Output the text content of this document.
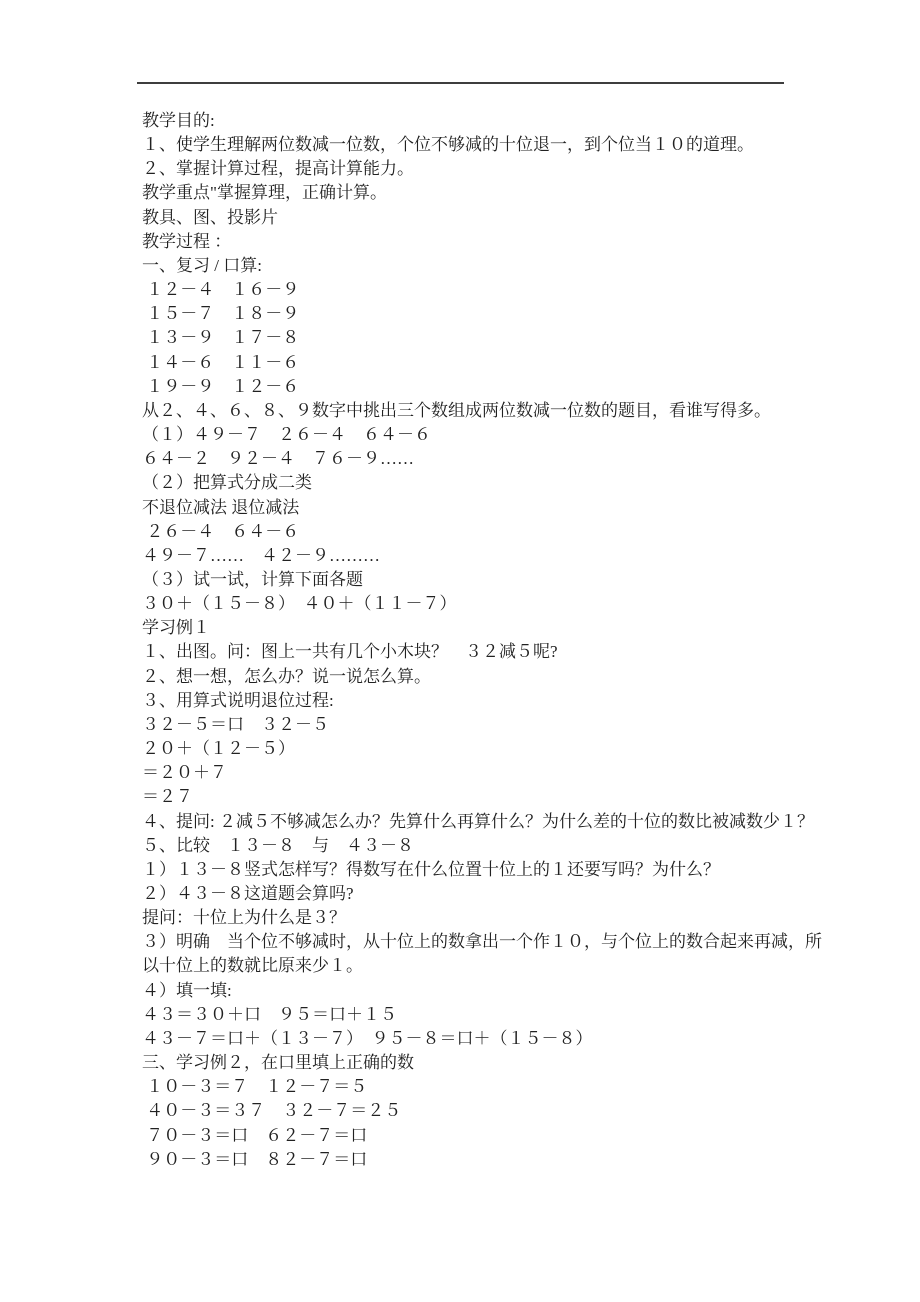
教学目的:
１、使学生理解两位数减一位数，个位不够减的十位退一，到个位当１０的道理。
２、掌握计算过程，提高计算能力。
教学重点"掌握算理，正确计算。
教具、图、投影片
教学过程 ：
一、复习 / 口算:
１２－４　１６－９
１５－７　１８－９
１３－９　１７－８
１４－６　１１－６
１９－９　１２－６
从２、４、６、８、９数字中挑出三个数组成两位数减一位数的题目，看谁写得多。
（１）４９－７　２６－４　６４－６
６４－２　９２－４　７６－９……
（２）把算式分成二类
不退位减法 退位减法
２６－４　６４－６
４９－７……　４２－９………
（３）试一试，计算下面各题
３０＋（１５－８）　４０＋（１１－７）
学习例１
１、出图。问：图上一共有几个小木块？　３２减５呢?
２、想一想，怎么办？说一说怎么算。
３、用算式说明退位过程:
３２－５＝口　３２－５
２０＋（１２－５）
＝２０＋７
＝２７
４、提问: ２减５不够减怎么办？先算什么再算什么？为什么差的十位的数比被减数少１？
５、比较　１３－８　与　４３－８
１）１３－８竖式怎样写？得数写在什么位置十位上的１还要写吗？为什么？
２）４３－８这道题会算吗?
提问：十位上为什么是３？
３）明确　当个位不够减时，从十位上的数拿出一个作１０，与个位上的数合起来再减，所
以十位上的数就比原来少１。
４）填一填:
４３＝３０＋口　９５＝口＋１５
４３－７＝口＋（１３－７）　９５－８＝口＋（１５－８）
三、学习例２，在口里填上正确的数
１０－３＝７　１２－７＝５
４０－３＝３７　３２－７＝２５
７０－３＝口　６２－７＝口
９０－３＝口　８２－７＝口
